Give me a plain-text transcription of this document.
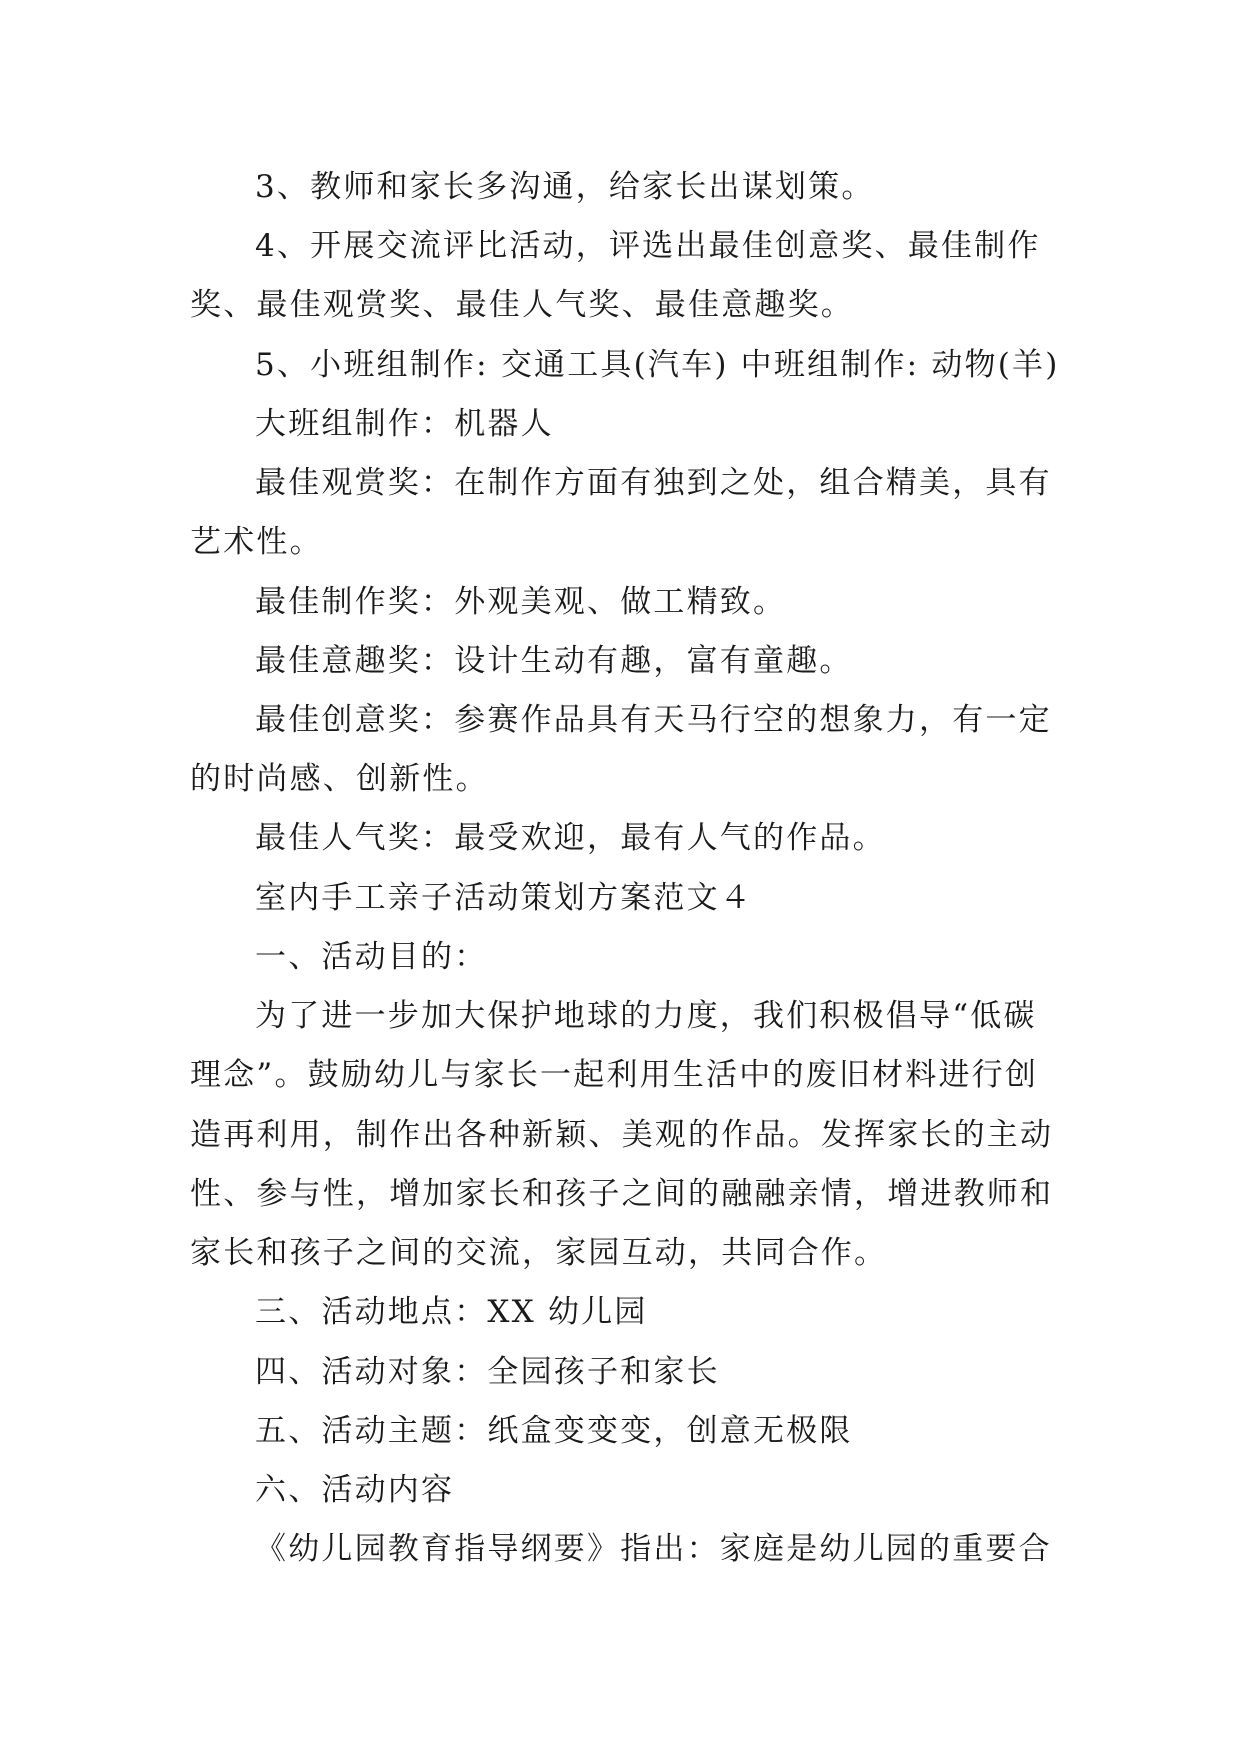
3、教师和家长多沟通，给家长出谋划策。
4、开展交流评比活动，评选出最佳创意奖、最佳制作
奖、最佳观赏奖、最佳人气奖、最佳意趣奖。
5、小班组制作: 交通工具(汽车) 中班组制作: 动物(羊)
大班组制作：机器人
最佳观赏奖：在制作方面有独到之处，组合精美，具有
艺术性。
最佳制作奖：外观美观、做工精致。
最佳意趣奖：设计生动有趣，富有童趣。
最佳创意奖：参赛作品具有天马行空的想象力，有一定
的时尚感、创新性。
最佳人气奖：最受欢迎，最有人气的作品。
室内手工亲子活动策划方案范文４
一、活动目的：
为了进一步加大保护地球的力度，我们积极倡导“低碳
理念”。鼓励幼儿与家长一起利用生活中的废旧材料进行创
造再利用，制作出各种新颖、美观的作品。发挥家长的主动
性、参与性，增加家长和孩子之间的融融亲情，增进教师和
家长和孩子之间的交流，家园互动，共同合作。
三、活动地点：XX 幼儿园
四、活动对象：全园孩子和家长
五、活动主题：纸盒变变变，创意无极限
六、活动内容
《幼儿园教育指导纲要》指出：家庭是幼儿园的重要合
